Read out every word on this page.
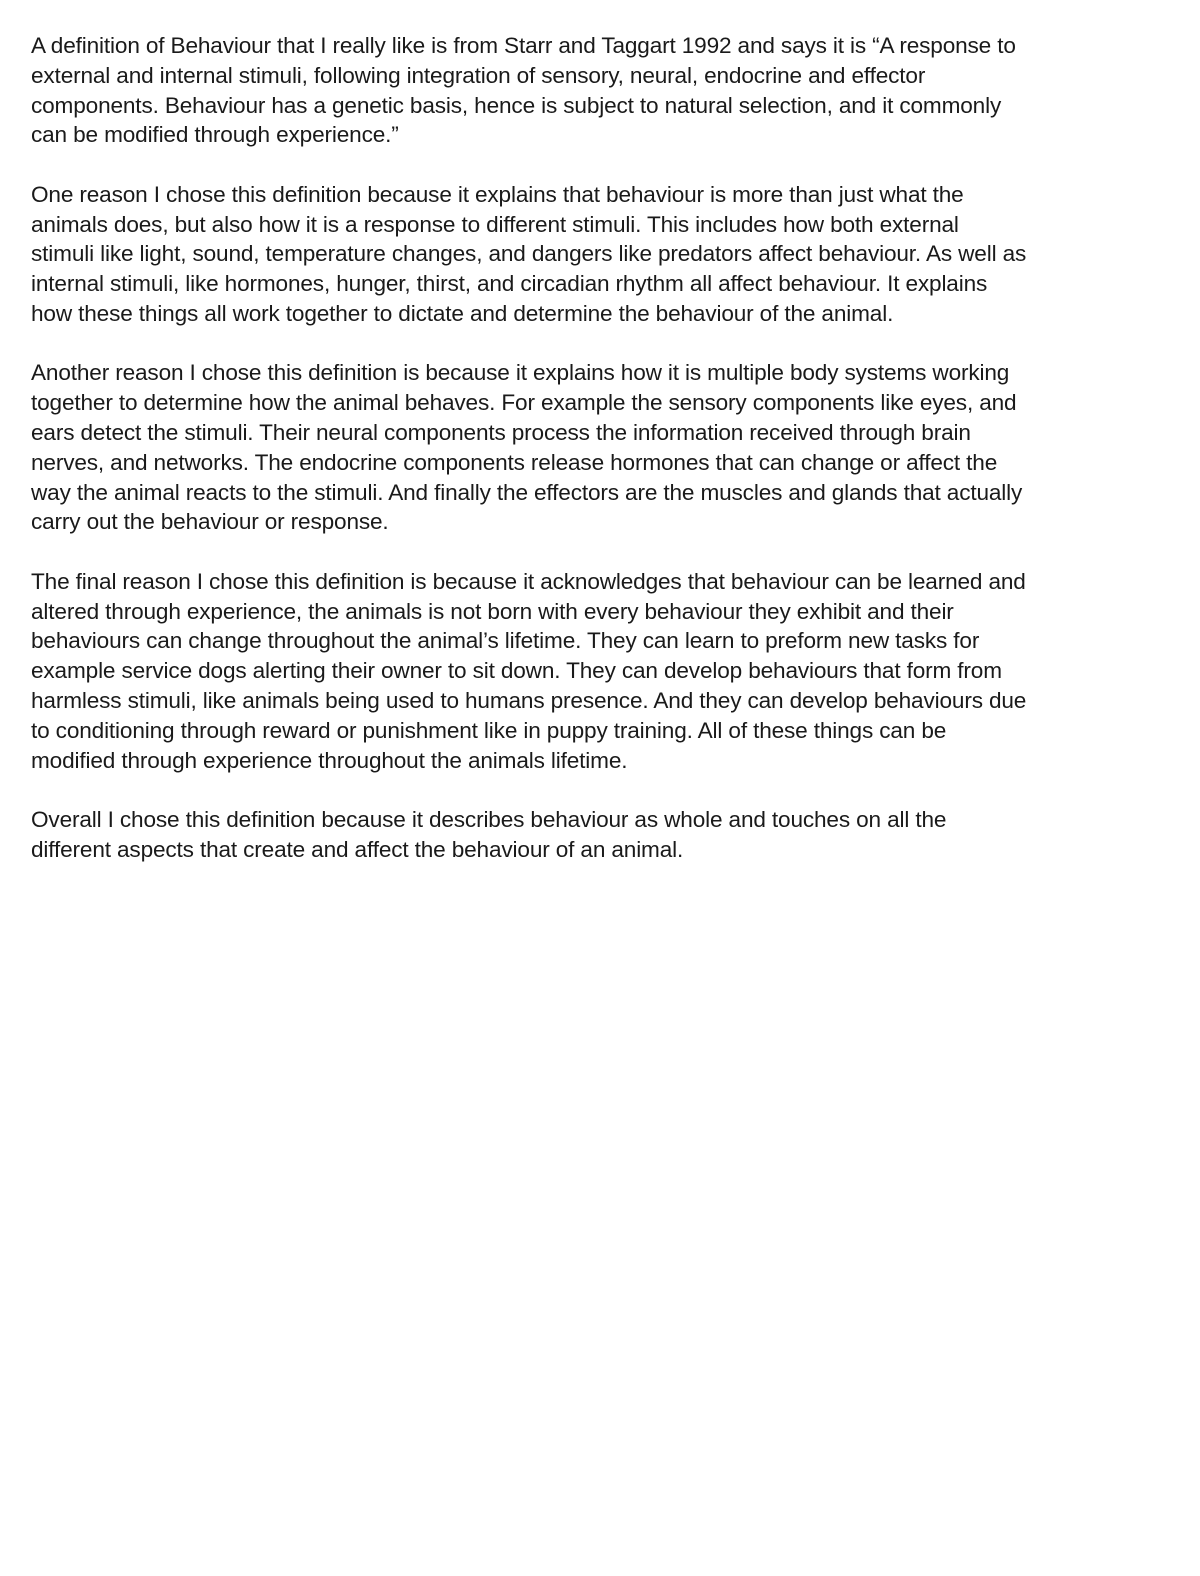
A definition of Behaviour that I really like is from Starr and Taggart 1992 and says it is “A response to
external and internal stimuli, following integration of sensory, neural, endocrine and effector
components. Behaviour has a genetic basis, hence is subject to natural selection, and it commonly
can be modified through experience.”

One reason I chose this definition because it explains that behaviour is more than just what the
animals does, but also how it is a response to different stimuli. This includes how both external
stimuli like light, sound, temperature changes, and dangers like predators affect behaviour. As well as
internal stimuli, like hormones, hunger, thirst, and circadian rhythm all affect behaviour. It explains
how these things all work together to dictate and determine the behaviour of the animal.

Another reason I chose this definition is because it explains how it is multiple body systems working
together to determine how the animal behaves. For example the sensory components like eyes, and
ears detect the stimuli. Their neural components process the information received through brain
nerves, and networks. The endocrine components release hormones that can change or affect the
way the animal reacts to the stimuli. And finally the effectors are the muscles and glands that actually
carry out the behaviour or response.

The final reason I chose this definition is because it acknowledges that behaviour can be learned and
altered through experience, the animals is not born with every behaviour they exhibit and their
behaviours can change throughout the animal’s lifetime. They can learn to preform new tasks for
example service dogs alerting their owner to sit down. They can develop behaviours that form from
harmless stimuli, like animals being used to humans presence. And they can develop behaviours due
to conditioning through reward or punishment like in puppy training. All of these things can be
modified through experience throughout the animals lifetime.

Overall I chose this definition because it describes behaviour as whole and touches on all the
different aspects that create and affect the behaviour of an animal.
